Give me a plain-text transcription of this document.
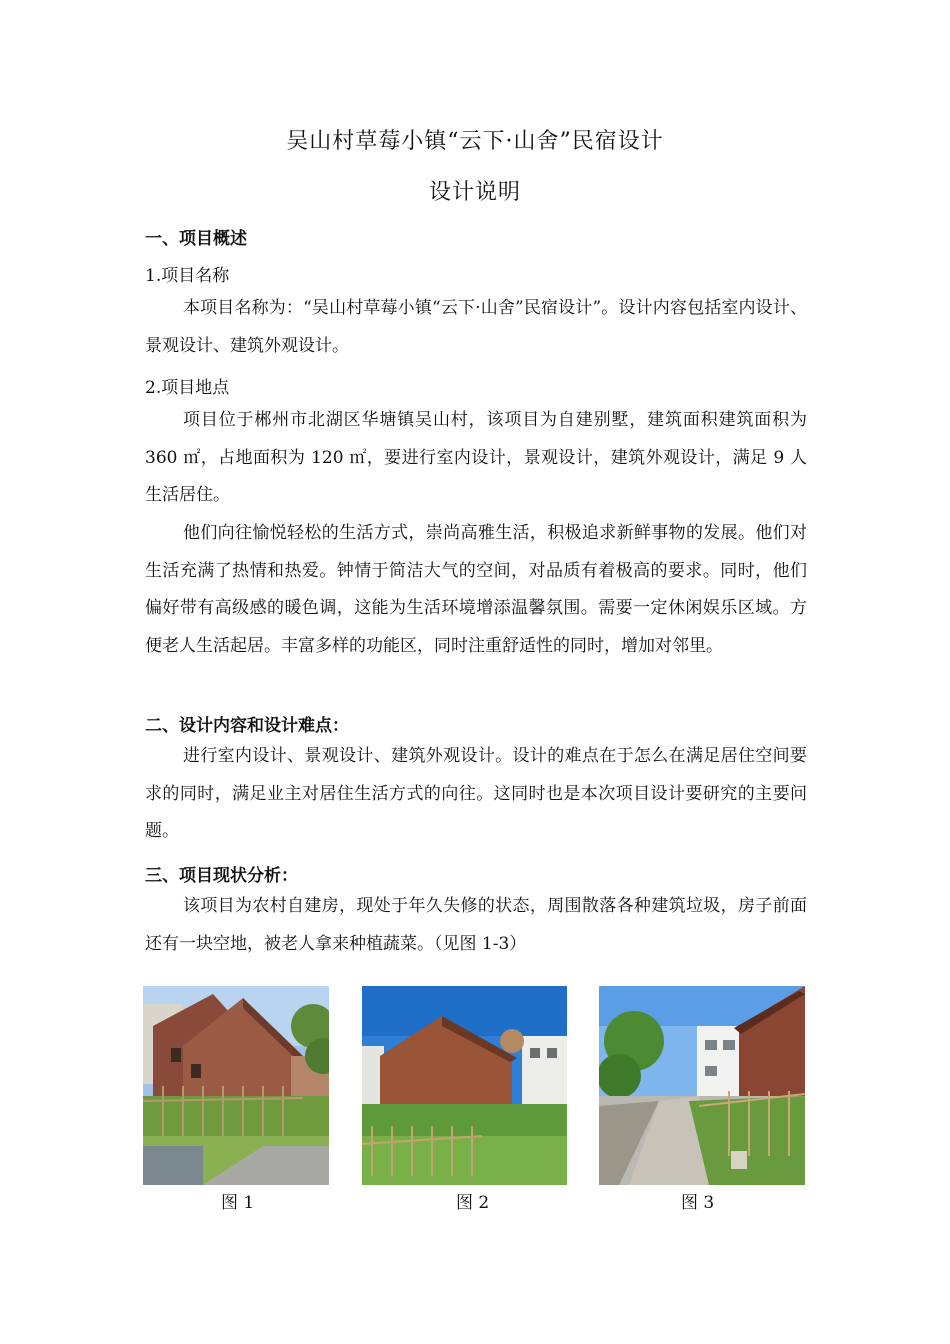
吴山村草莓小镇“云下·山舍”民宿设计
设计说明
一、项目概述
1.项目名称
本项目名称为：“吴山村草莓小镇“云下·山舍”民宿设计”。设计内容包括室内设计、景观设计、建筑外观设计。
2.项目地点
项目位于郴州市北湖区华塘镇吴山村，该项目为自建别墅，建筑面积建筑面积为 360 ㎡，占地面积为 120 ㎡，要进行室内设计，景观设计，建筑外观设计，满足 9 人生活居住。
他们向往愉悦轻松的生活方式，崇尚高雅生活，积极追求新鲜事物的发展。他们对生活充满了热情和热爱。钟情于简洁大气的空间，对品质有着极高的要求。同时，他们偏好带有高级感的暖色调，这能为生活环境增添温馨氛围。需要一定休闲娱乐区域。方便老人生活起居。丰富多样的功能区，同时注重舒适性的同时，增加对邻里。
二、设计内容和设计难点：
进行室内设计、景观设计、建筑外观设计。设计的难点在于怎么在满足居住空间要求的同时，满足业主对居住生活方式的向往。这同时也是本次项目设计要研究的主要问题。
三、项目现状分析：
该项目为农村自建房，现处于年久失修的状态，周围散落各种建筑垃圾，房子前面还有一块空地，被老人拿来种植蔬菜。（见图 1-3）
图 1	图 2	图 3
